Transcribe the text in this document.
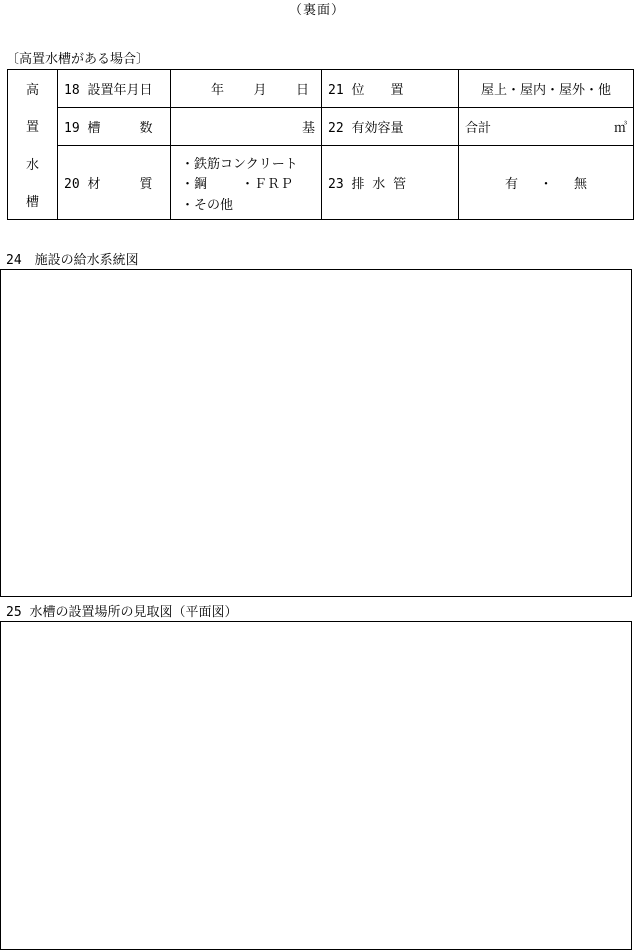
（裏面）
〔高置水槽がある場合〕
高
置
水
槽	18 設置年月日	年 月 日	21 位　　置	屋上・屋内・屋外・他
	19 槽　　　数	基	22 有効容量	合計 ㎥

	20 材　　　質	・鉄筋コンクリート
・鋼 ・ＦＲＰ
・その他	23 排 水 管	有 ・ 無
24　施設の給水系統図
25 水槽の設置場所の見取図（平面図）
